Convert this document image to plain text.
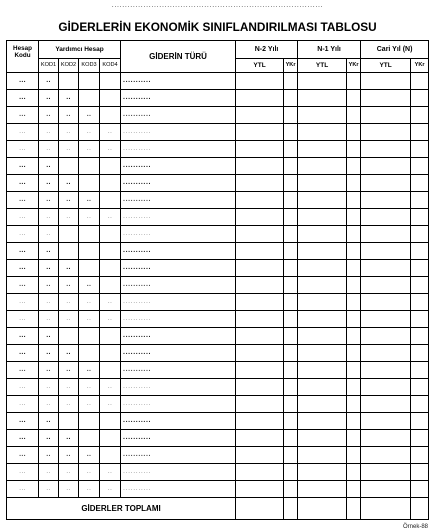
................................................................................
GİDERLERİN EKONOMİK SINIFLANDIRILMASI TABLOSU
Hesap Kodu	Yardımcı Hesap				GİDERİN TÜRÜ	N-2 Yılı		N-1 Yılı		Cari Yıl (N)	
	KOD1	KOD2	KOD3	KOD4		YTL	YKr	YTL	YKr	YTL	YKr
...	..				...........						
...	..	..			...........						
...	..	..	..		...........						
...	..	..	..	..	...........						
...	..	..	..	..	...........						
...	..				...........						
...	..	..			...........						
...	..	..	..		...........						
...	..	..	..	..	...........						
...	..				...........						
...	..				...........						
...	..	..			...........						
...	..	..	..		...........						
...	..	..	..	..	...........						
...	..	..	..	..	...........						
...	..				...........						
...	..	..			...........						
...	..	..	..		...........						
...	..	..	..	..	...........						
...	..	..	..	..	...........						
...	..				...........						
...	..	..			...........						
...	..	..	..		...........						
...	..	..	..	..	...........						
...	..	..	..	..	...........						
GİDERLER TOPLAMI											
Örnek-88
